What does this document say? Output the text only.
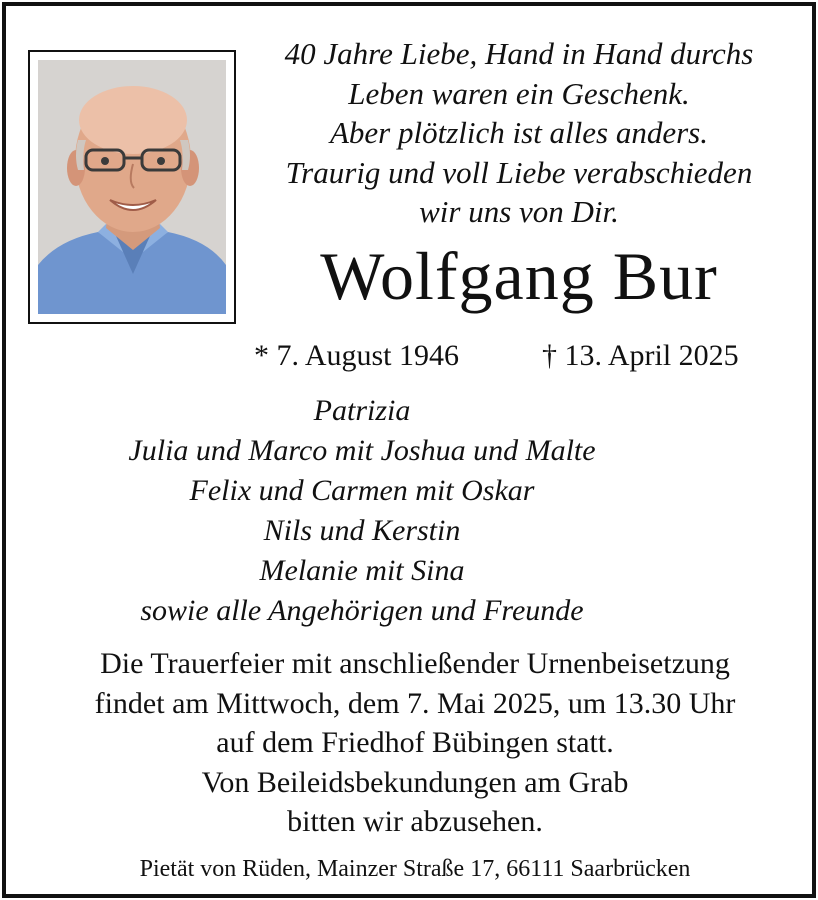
40 Jahre Liebe, Hand in Hand durchs
Leben waren ein Geschenk.
Aber plötzlich ist alles anders.
Traurig und voll Liebe verabschieden
wir uns von Dir.
Wolfgang Bur
* 7. August 1946	† 13. April 2025
Patrizia
Julia und Marco mit Joshua und Malte
Felix und Carmen mit Oskar
Nils und Kerstin
Melanie mit Sina
sowie alle Angehörigen und Freunde
Die Trauerfeier mit anschließender Urnenbeisetzung
findet am Mittwoch, dem 7. Mai 2025, um 13.30 Uhr
auf dem Friedhof Bübingen statt.
Von Beileidsbekundungen am Grab
bitten wir abzusehen.
Pietät von Rüden, Mainzer Straße 17, 66111 Saarbrücken
